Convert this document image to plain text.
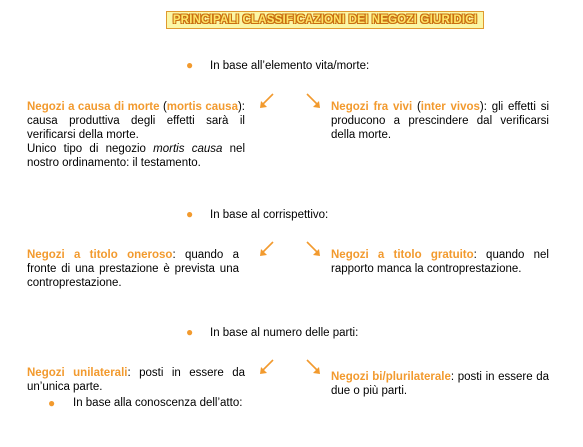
PRINCIPALI CLASSIFICAZIONI DEI NEGOZI GIURIDICI
● In base all’elemento vita/morte:
Negozi a causa di morte (mortis causa): causa produttiva degli effetti sarà il verificarsi della morte.
Unico tipo di negozio mortis causa nel nostro ordinamento: il testamento.
Negozi fra vivi (inter vivos): gli effetti si producono a prescindere dal verificarsi della morte.
● In base al corrispettivo:
Negozi a titolo oneroso: quando a fronte di una prestazione è prevista una controprestazione.
Negozi a titolo gratuito: quando nel rapporto manca la controprestazione.
● In base al numero delle parti:
Negozi unilaterali: posti in essere da un’unica parte.
Negozi bi/plurilaterale: posti in essere da due o più parti.
● In base alla conoscenza dell’atto:
